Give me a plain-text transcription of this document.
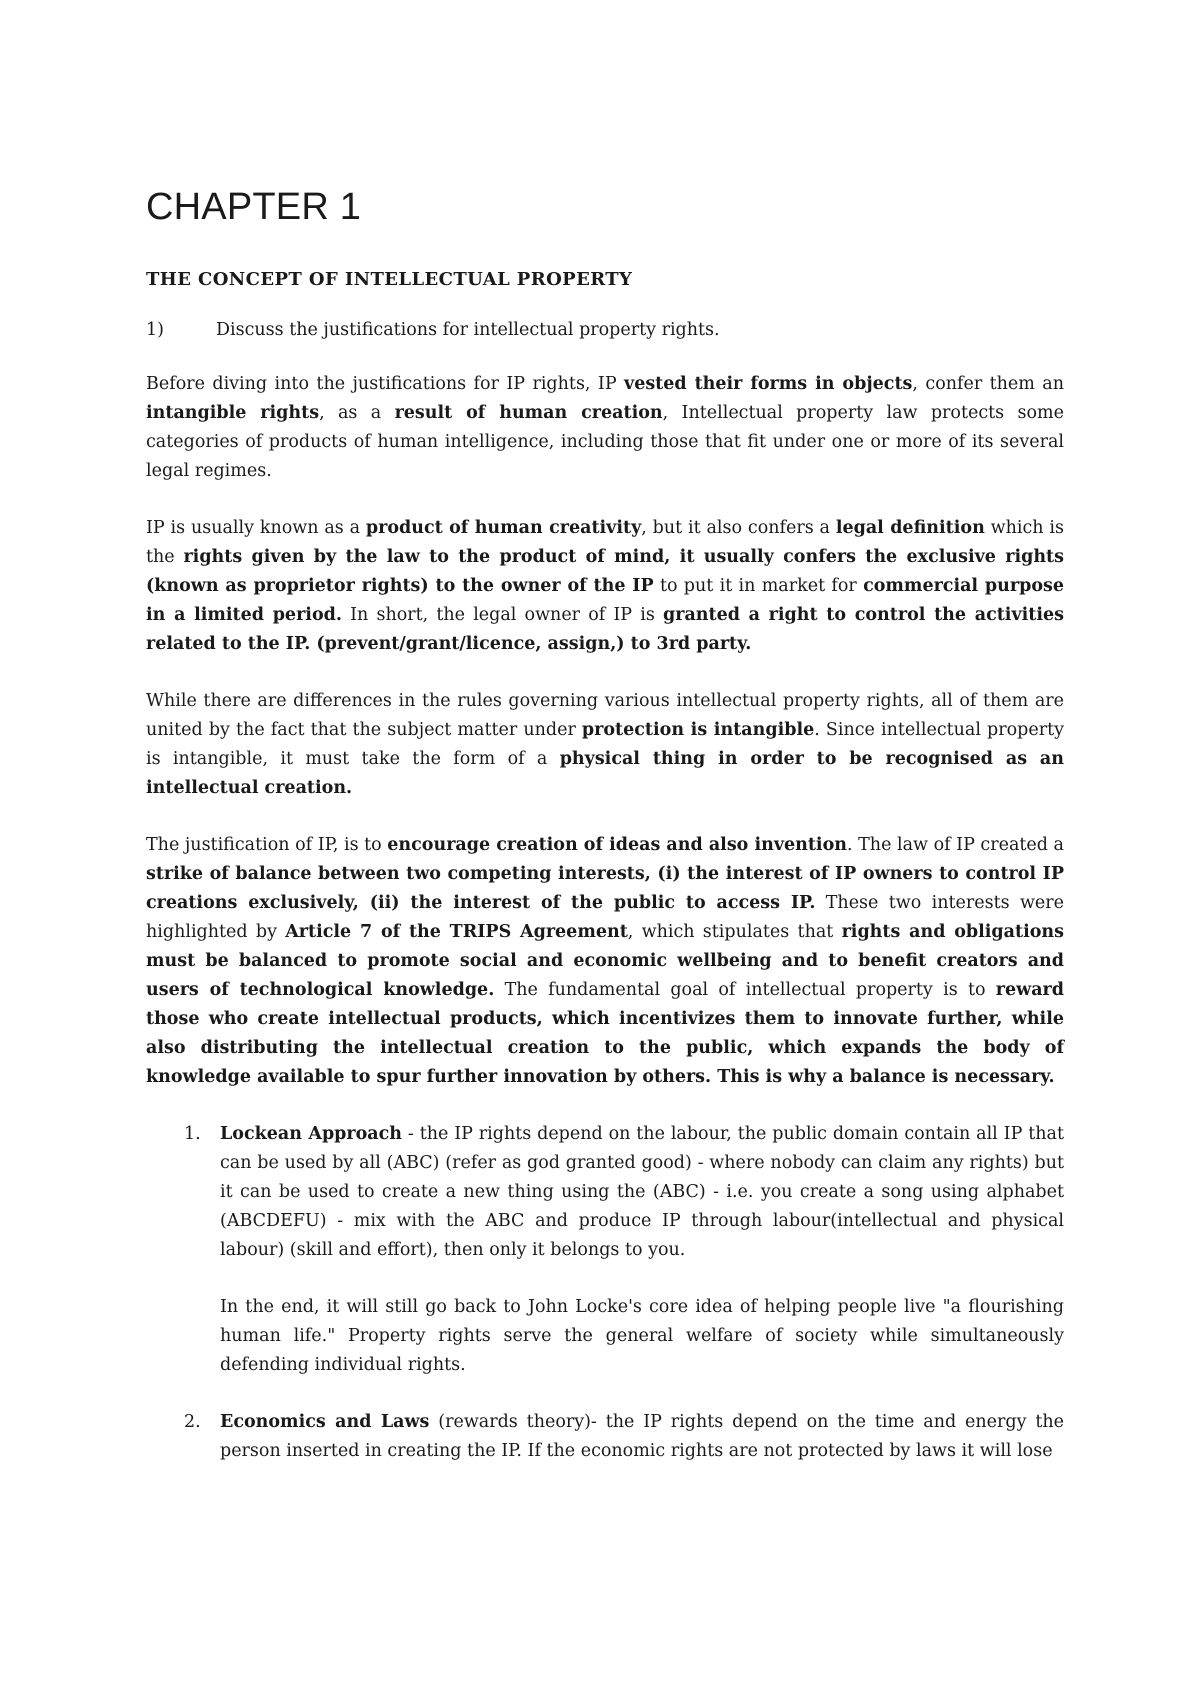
CHAPTER 1
THE CONCEPT OF INTELLECTUAL PROPERTY
1)	Discuss the justifications for intellectual property rights.

Before diving into the justifications for IP rights, IP vested their forms in objects, confer them an intangible rights, as a result of human creation, Intellectual property law protects some categories of products of human intelligence, including those that fit under one or more of its several legal regimes.

IP is usually known as a product of human creativity, but it also confers a legal definition which is the rights given by the law to the product of mind, it usually confers the exclusive rights (known as proprietor rights) to the owner of the IP to put it in market for commercial purpose in a limited period. In short, the legal owner of IP is granted a right to control the activities related to the IP. (prevent/grant/licence, assign,) to 3rd party.

While there are differences in the rules governing various intellectual property rights, all of them are united by the fact that the subject matter under protection is intangible. Since intellectual property is intangible, it must take the form of a physical thing in order to be recognised as an intellectual creation.

The justification of IP, is to encourage creation of ideas and also invention. The law of IP created a strike of balance between two competing interests, (i) the interest of IP owners to control IP creations exclusively, (ii) the interest of the public to access IP. These two interests were highlighted by Article 7 of the TRIPS Agreement, which stipulates that rights and obligations must be balanced to promote social and economic wellbeing and to benefit creators and users of technological knowledge. The fundamental goal of intellectual property is to reward those who create intellectual products, which incentivizes them to innovate further, while also distributing the intellectual creation to the public, which expands the body of knowledge available to spur further innovation by others. This is why a balance is necessary.

1.	Lockean Approach - the IP rights depend on the labour, the public domain contain all IP that can be used by all (ABC) (refer as god granted good) - where nobody can claim any rights) but it can be used to create a new thing using the (ABC) - i.e. you create a song using alphabet (ABCDEFU) - mix with the ABC and produce IP through labour(intellectual and physical labour) (skill and effort), then only it belongs to you.

In the end, it will still go back to John Locke's core idea of helping people live "a flourishing human life." Property rights serve the general welfare of society while simultaneously defending individual rights.

2.	Economics and Laws (rewards theory)- the IP rights depend on the time and energy the person inserted in creating the IP. If the economic rights are not protected by laws it will lose
